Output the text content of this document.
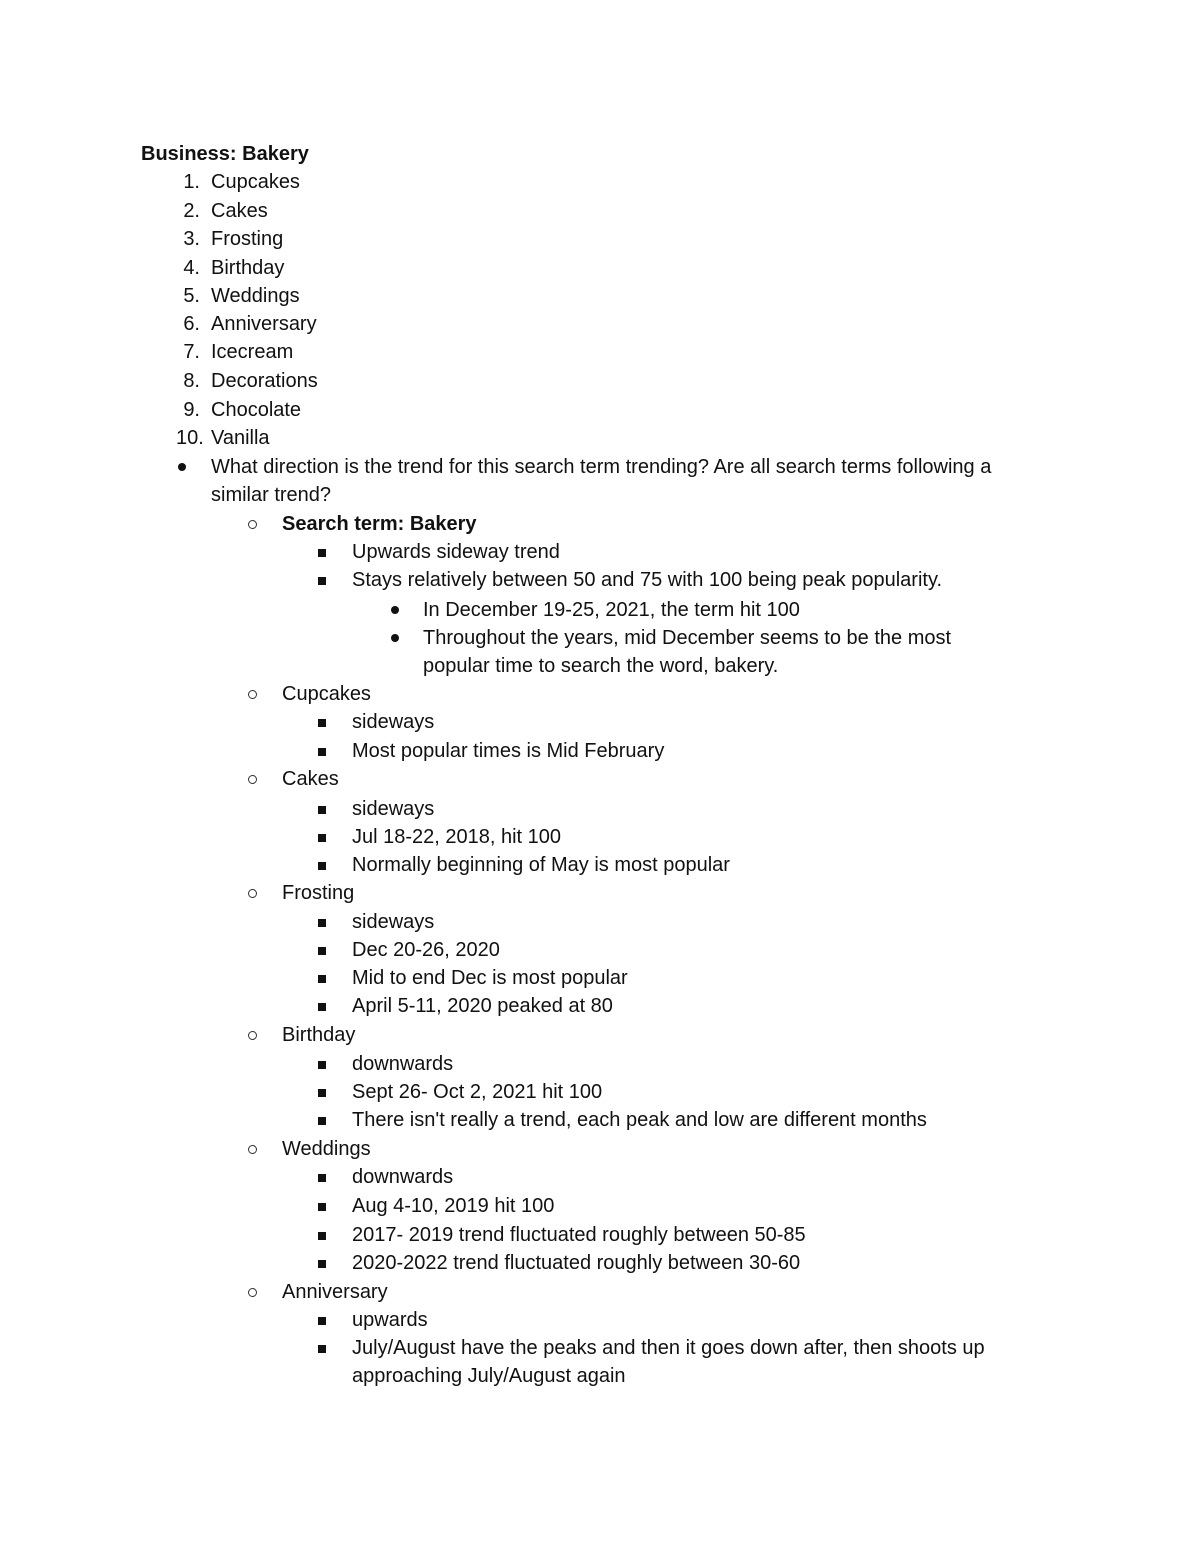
Business: Bakery
1. Cupcakes
2. Cakes
3. Frosting
4. Birthday
5. Weddings
6. Anniversary
7. Icecream
8. Decorations
9. Chocolate
10. Vanilla
What direction is the trend for this search term trending? Are all search terms following a
similar trend?
Search term: Bakery
Upwards sideway trend
Stays relatively between 50 and 75 with 100 being peak popularity.
In December 19-25, 2021, the term hit 100
Throughout the years, mid December seems to be the most
popular time to search the word, bakery.
Cupcakes
sideways
Most popular times is Mid February
Cakes
sideways
Jul 18-22, 2018, hit 100
Normally beginning of May is most popular
Frosting
sideways
Dec 20-26, 2020
Mid to end Dec is most popular
April 5-11, 2020 peaked at 80
Birthday
downwards
Sept 26- Oct 2, 2021 hit 100
There isn't really a trend, each peak and low are different months
Weddings
downwards
Aug 4-10, 2019 hit 100
2017- 2019 trend fluctuated roughly between 50-85
2020-2022 trend fluctuated roughly between 30-60
Anniversary
upwards
July/August have the peaks and then it goes down after, then shoots up
approaching July/August again
